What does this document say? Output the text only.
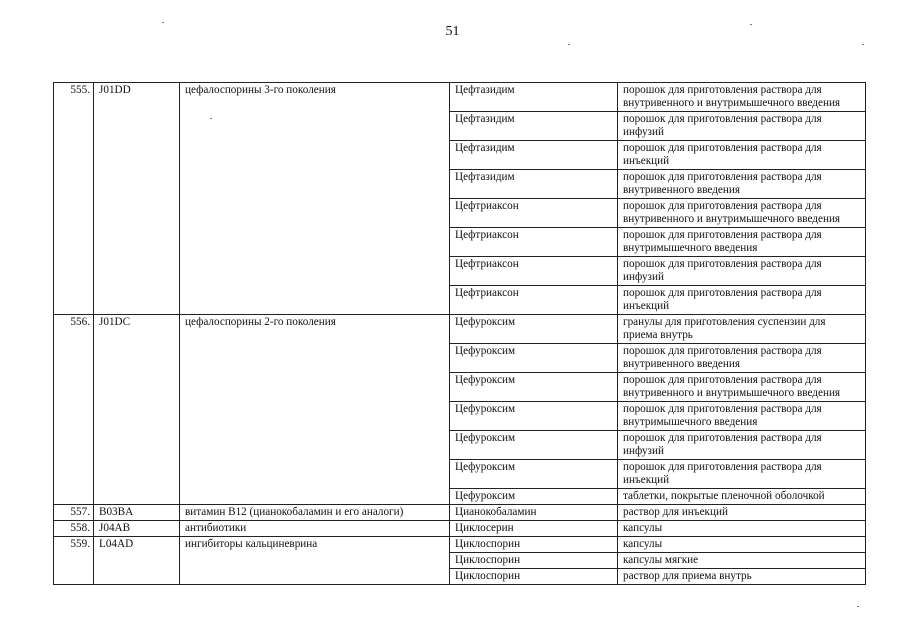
51
555.	J01DD	цефалоспорины 3-го поколения	Цефтазидим	порошок для приготовления раствора для внутривенного и внутримышечного введения
			Цефтазидим	порошок для приготовления раствора для инфузий
			Цефтазидим	порошок для приготовления раствора для инъекций
			Цефтазидим	порошок для приготовления раствора для внутривенного введения
			Цефтриаксон	порошок для приготовления раствора для внутривенного и внутримышечного введения
			Цефтриаксон	порошок для приготовления раствора для внутримышечного введения
			Цефтриаксон	порошок для приготовления раствора для инфузий
			Цефтриаксон	порошок для приготовления раствора для инъекций
556.	J01DC	цефалоспорины 2-го поколения	Цефуроксим	гранулы для приготовления суспензии для приема внутрь
			Цефуроксим	порошок для приготовления раствора для внутривенного введения
			Цефуроксим	порошок для приготовления раствора для внутривенного и внутримышечного введения
			Цефуроксим	порошок для приготовления раствора для внутримышечного введения
			Цефуроксим	порошок для приготовления раствора для инфузий
			Цефуроксим	порошок для приготовления раствора для инъекций
			Цефуроксим	таблетки, покрытые пленочной оболочкой
557.	B03BA	витамин B12 (цианокобаламин и его аналоги)	Цианокобаламин	раствор для инъекций
558.	J04AB	антибиотики	Циклосерин	капсулы
559.	L04AD	ингибиторы кальциневрина	Циклоспорин	капсулы
			Циклоспорин	капсулы мягкие
			Циклоспорин	раствор для приема внутрь
